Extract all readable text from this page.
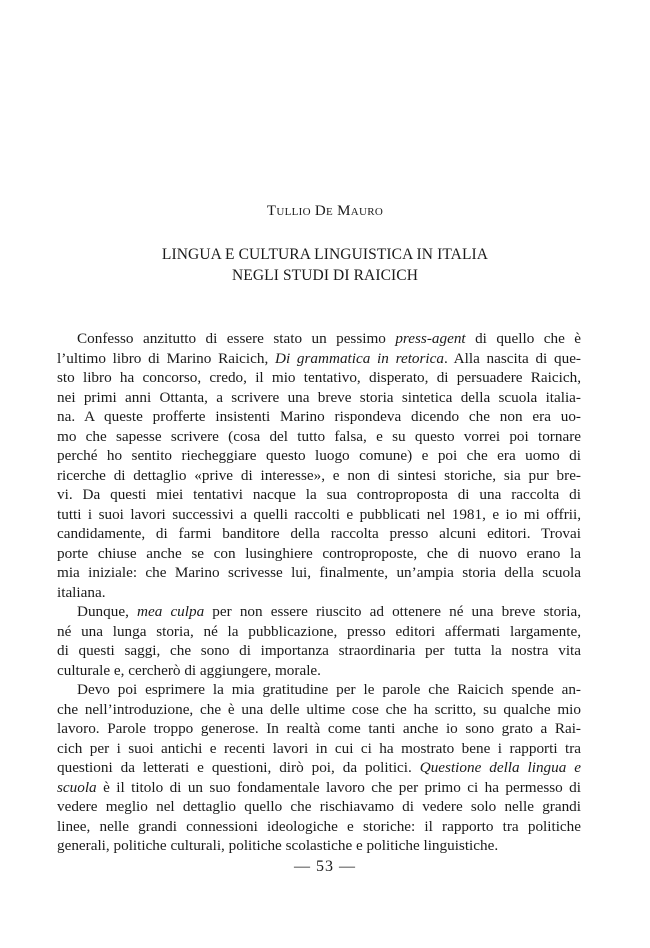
Tullio De Mauro
LINGUA E CULTURA LINGUISTICA IN ITALIA
NEGLI STUDI DI RAICICH
Confesso anzitutto di essere stato un pessimo press-agent di quello che è
l’ultimo libro di Marino Raicich, Di grammatica in retorica. Alla nascita di que-
sto libro ha concorso, credo, il mio tentativo, disperato, di persuadere Raicich,
nei primi anni Ottanta, a scrivere una breve storia sintetica della scuola italia-
na. A queste profferte insistenti Marino rispondeva dicendo che non era uo-
mo che sapesse scrivere (cosa del tutto falsa, e su questo vorrei poi tornare
perché ho sentito riecheggiare questo luogo comune) e poi che era uomo di
ricerche di dettaglio «prive di interesse», e non di sintesi storiche, sia pur bre-
vi. Da questi miei tentativi nacque la sua controproposta di una raccolta di
tutti i suoi lavori successivi a quelli raccolti e pubblicati nel 1981, e io mi offrii,
candidamente, di farmi banditore della raccolta presso alcuni editori. Trovai
porte chiuse anche se con lusinghiere controproposte, che di nuovo erano la
mia iniziale: che Marino scrivesse lui, finalmente, un’ampia storia della scuola
italiana.
Dunque, mea culpa per non essere riuscito ad ottenere né una breve storia,
né una lunga storia, né la pubblicazione, presso editori affermati largamente,
di questi saggi, che sono di importanza straordinaria per tutta la nostra vita
culturale e, cercherò di aggiungere, morale.
Devo poi esprimere la mia gratitudine per le parole che Raicich spende an-
che nell’introduzione, che è una delle ultime cose che ha scritto, su qualche mio
lavoro. Parole troppo generose. In realtà come tanti anche io sono grato a Rai-
cich per i suoi antichi e recenti lavori in cui ci ha mostrato bene i rapporti tra
questioni da letterati e questioni, dirò poi, da politici. Questione della lingua e
scuola è il titolo di un suo fondamentale lavoro che per primo ci ha permesso di
vedere meglio nel dettaglio quello che rischiavamo di vedere solo nelle grandi
linee, nelle grandi connessioni ideologiche e storiche: il rapporto tra politiche
generali, politiche culturali, politiche scolastiche e politiche linguistiche.
— 53 —
